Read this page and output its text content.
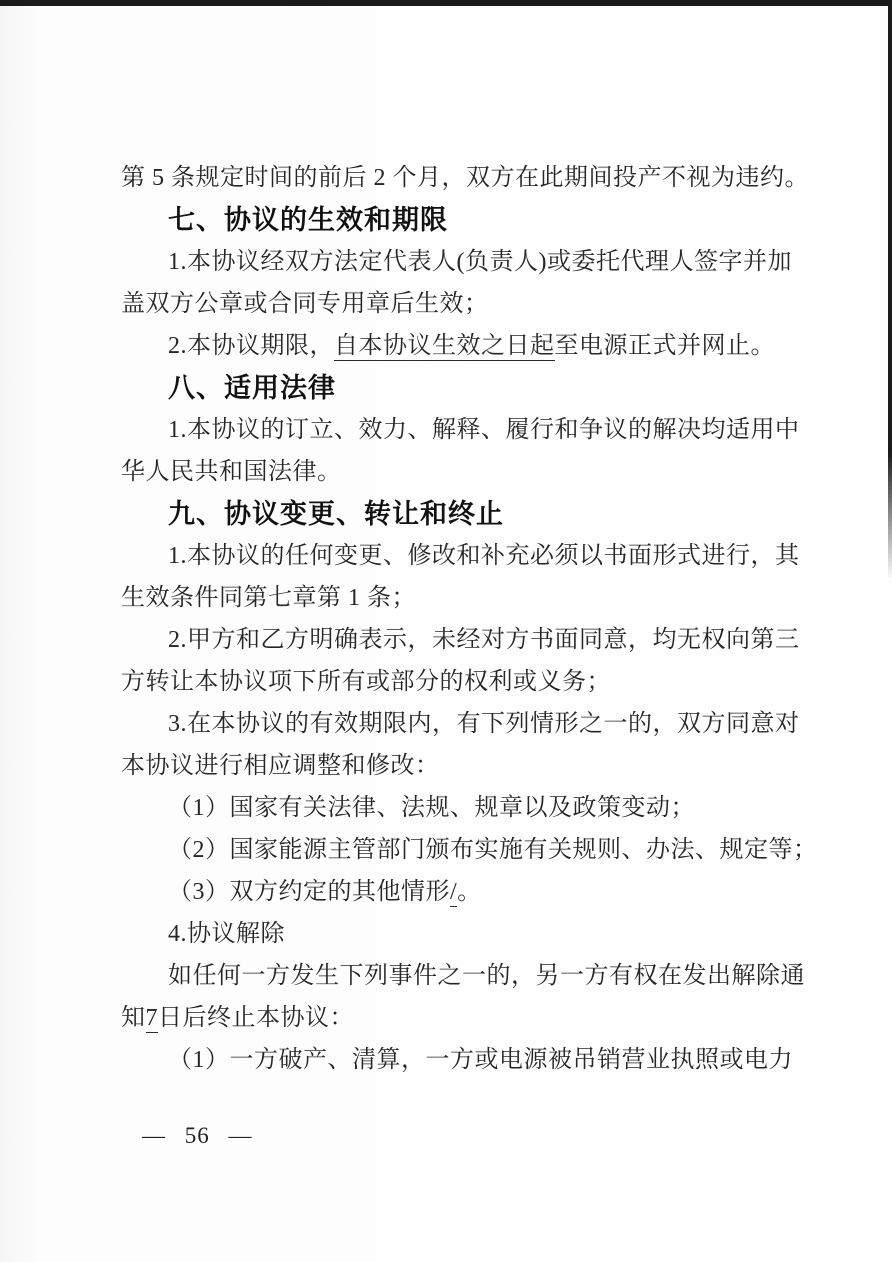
第 5 条规定时间的前后 2 个月，双方在此期间投产不视为违约。
七、协议的生效和期限
1.本协议经双方法定代表人(负责人)或委托代理人签字并加
盖双方公章或合同专用章后生效；
2.本协议期限，自本协议生效之日起至电源正式并网止。
八、适用法律
1.本协议的订立、效力、解释、履行和争议的解决均适用中
华人民共和国法律。
九、协议变更、转让和终止
1.本协议的任何变更、修改和补充必须以书面形式进行，其
生效条件同第七章第 1 条；
2.甲方和乙方明确表示，未经对方书面同意，均无权向第三
方转让本协议项下所有或部分的权利或义务；
3.在本协议的有效期限内，有下列情形之一的，双方同意对
本协议进行相应调整和修改：
（1）国家有关法律、法规、规章以及政策变动；
（2）国家能源主管部门颁布实施有关规则、办法、规定等；
（3）双方约定的其他情形/。
4.协议解除
如任何一方发生下列事件之一的，另一方有权在发出解除通
知7日后终止本协议：
（1）一方破产、清算，一方或电源被吊销营业执照或电力
— 56 —
